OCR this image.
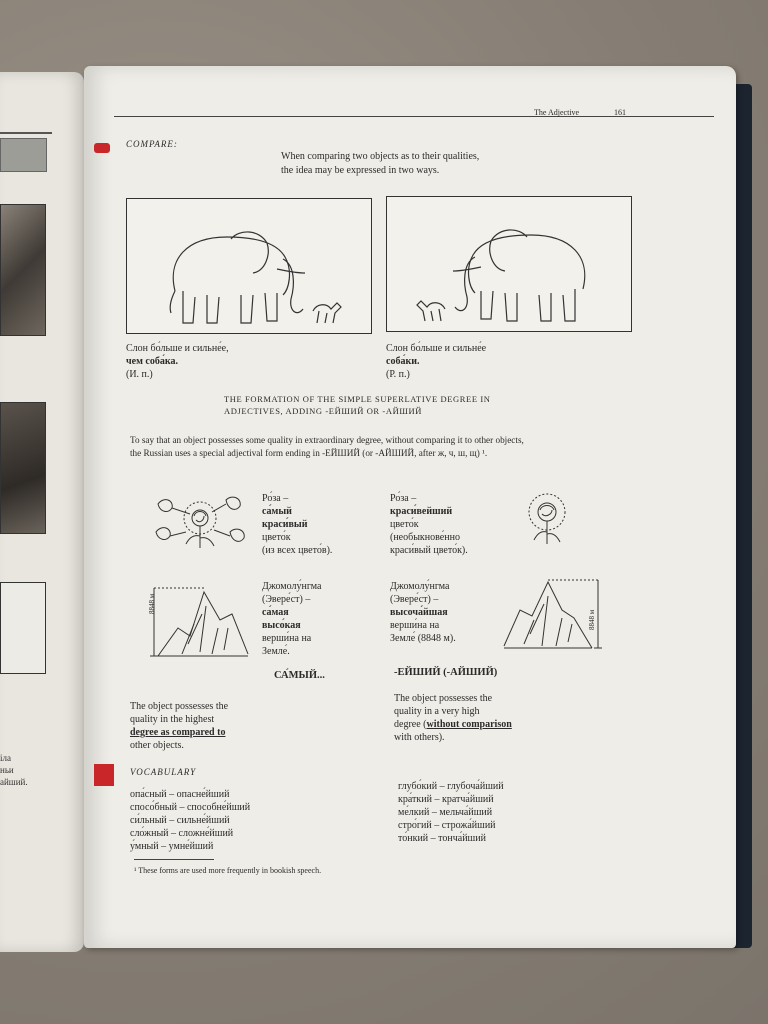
іла
ньи
айший.
The Adjective	161
COMPARE:
When comparing two objects as to their qualities,
the idea may be expressed in two ways.
Слон бо́льше и сильне́е,
чем соба́ка.
(И. п.)
Слон бо́льше и сильне́е
соба́ки.
(Р. п.)
THE FORMATION OF THE SIMPLE SUPERLATIVE DEGREE IN
ADJECTIVES, ADDING -ЕЙШИЙ OR -АЙШИЙ
To say that an object possesses some quality in extraordinary degree, without comparing it to other objects,
the Russian uses a special adjectival form ending in -ЕЙШИЙ (or -АЙШИЙ, after ж, ч, ш, щ) ¹.
Ро́за –
са́мый
краси́вый
цвето́к
(из всех цвето́в).
Ро́за –
краси́вейший
цвето́к
(необыкнове́нно
краси́вый цвето́к).
8848 м
8848 м
Джомолу́нгма
(Эвере́ст) –
са́мая
высо́кая
верши́на на
Земле́.
Джомолу́нгма
(Эвере́ст) –
высоча́йшая
верши́на на
Земле́ (8848 м).
СА́МЫЙ...	-ЕЙШИЙ (-АЙШИЙ)
The object possesses the
quality in the highest
degree as compared to
other objects.
The object possesses the
quality in a very high
degree (without comparison
with others).
VOCABULARY
опа́сный – опасне́йший
спосо́бный – способне́йший
си́льный – сильне́йший
сло́жный – сложне́йший
у́мный – умне́йший
глубо́кий – глубоча́йший
кра́ткий – кратча́йший
ме́лкий – мельча́йший
стро́гий – строжа́йший
то́нкий – тонча́йший
¹ These forms are used more frequently in bookish speech.
